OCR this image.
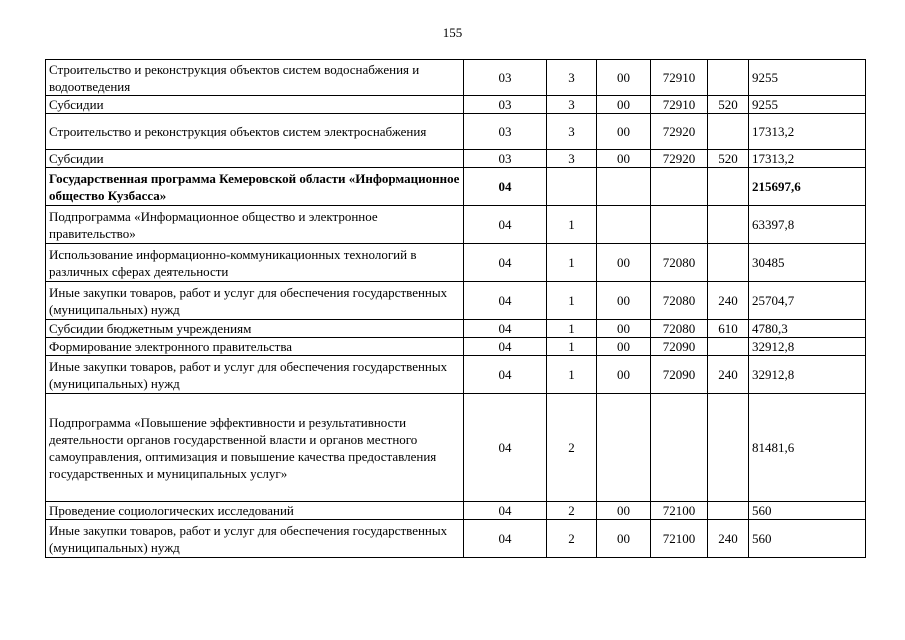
155
Строительство и реконструкция объектов систем водоснабжения и водоотведения	03	3	00	72910		9255
Субсидии	03	3	00	72910	520	9255
Строительство и реконструкция объектов систем электроснабжения	03	3	00	72920		17313,2
Субсидии	03	3	00	72920	520	17313,2
Государственная программа Кемеровской области «Информационное общество Кузбасса»	04					215697,6
Подпрограмма «Информационное общество и электронное правительство»	04	1				63397,8
Использование информационно-коммуникационных технологий в различных сферах деятельности	04	1	00	72080		30485
Иные закупки товаров, работ и услуг для обеспечения государственных (муниципальных) нужд	04	1	00	72080	240	25704,7
Субсидии бюджетным учреждениям	04	1	00	72080	610	4780,3
Формирование электронного правительства	04	1	00	72090		32912,8
Иные закупки товаров, работ и услуг для обеспечения государственных (муниципальных) нужд	04	1	00	72090	240	32912,8
Подпрограмма «Повышение эффективности и результативности деятельности органов государственной власти и органов местного самоуправления, оптимизация и повышение качества предоставления государственных и муниципальных услуг»	04	2				81481,6
Проведение социологических исследований	04	2	00	72100		560
Иные закупки товаров, работ и услуг для обеспечения государственных (муниципальных) нужд	04	2	00	72100	240	560
